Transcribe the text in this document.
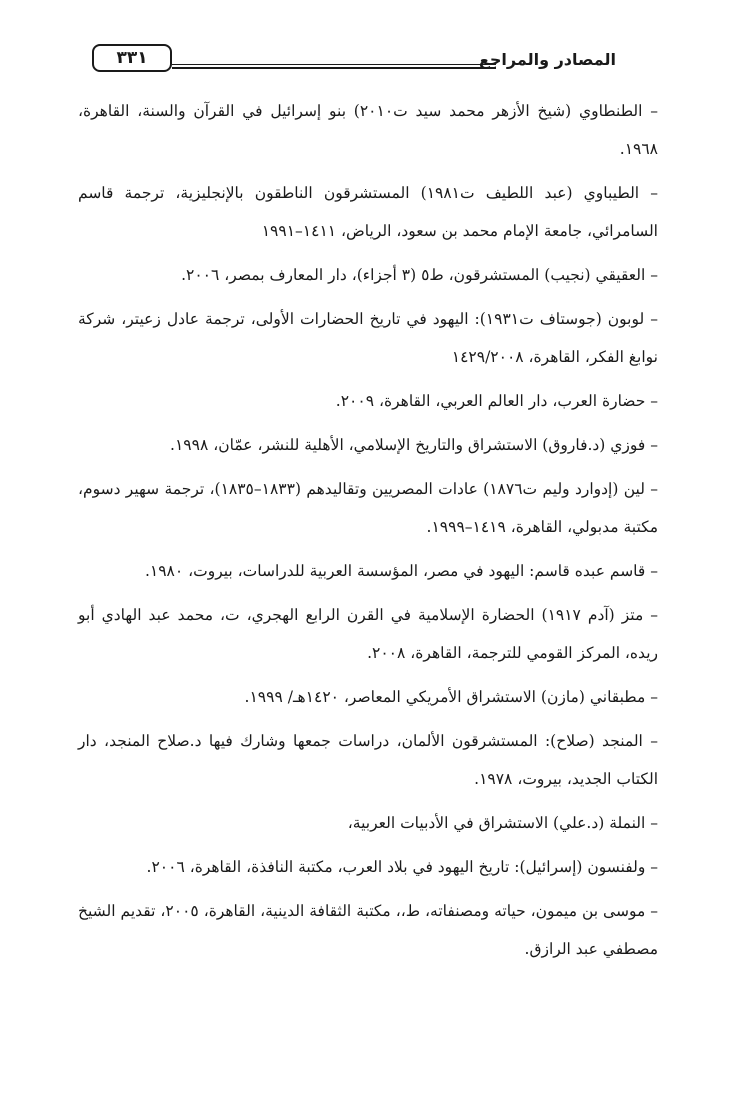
المصادر والمراجع
٣٣١
– الطنطاوي (شيخ الأزهر محمد سيد ت٢٠١٠) بنو إسرائيل في القرآن والسنة، القاهرة، ١٩٦٨.
– الطيباوي (عبد اللطيف ت١٩٨١) المستشرقون الناطقون بالإنجليزية، ترجمة قاسم السامرائي، جامعة الإمام محمد بن سعود، الرياض، ١٤١١–١٩٩١
– العقيقي (نجيب) المستشرقون، ط٥ (٣ أجزاء)، دار المعارف بمصر، ٢٠٠٦.
– لوبون (جوستاف ت١٩٣١): اليهود في تاريخ الحضارات الأولى، ترجمة عادل زعيتر، شركة نوابغ الفكر، القاهرة، ١٤٢٩/٢٠٠٨
– حضارة العرب، دار العالم العربي، القاهرة، ٢٠٠٩.
– فوزي (د.فاروق) الاستشراق والتاريخ الإسلامي، الأهلية للنشر، عمّان، ١٩٩٨.
– لين (إدوارد وليم ت١٨٧٦) عادات المصريين وتقاليدهم (١٨٣٣–١٨٣٥)، ترجمة سهير دسوم، مكتبة مدبولي، القاهرة، ١٤١٩–١٩٩٩.
– قاسم عبده قاسم: اليهود في مصر، المؤسسة العربية للدراسات، بيروت، ١٩٨٠.
– متز (آدم ١٩١٧) الحضارة الإسلامية في القرن الرابع الهجري، ت، محمد عبد الهادي أبو ريده، المركز القومي للترجمة، القاهرة، ٢٠٠٨.
– مطبقاني (مازن) الاستشراق الأمريكي المعاصر، ١٤٢٠هـ/ ١٩٩٩.
– المنجد (صلاح): المستشرقون الألمان، دراسات جمعها وشارك فيها د.صلاح المنجد، دار الكتاب الجديد، بيروت، ١٩٧٨.
– النملة (د.علي) الاستشراق في الأدبيات العربية،
– ولفنسون (إسرائيل): تاريخ اليهود في بلاد العرب، مكتبة النافذة، القاهرة، ٢٠٠٦.
– موسى بن ميمون، حياته ومصنفاته، ط،، مكتبة الثقافة الدينية، القاهرة، ٢٠٠٥، تقديم الشيخ مصطفي عبد الرازق.
